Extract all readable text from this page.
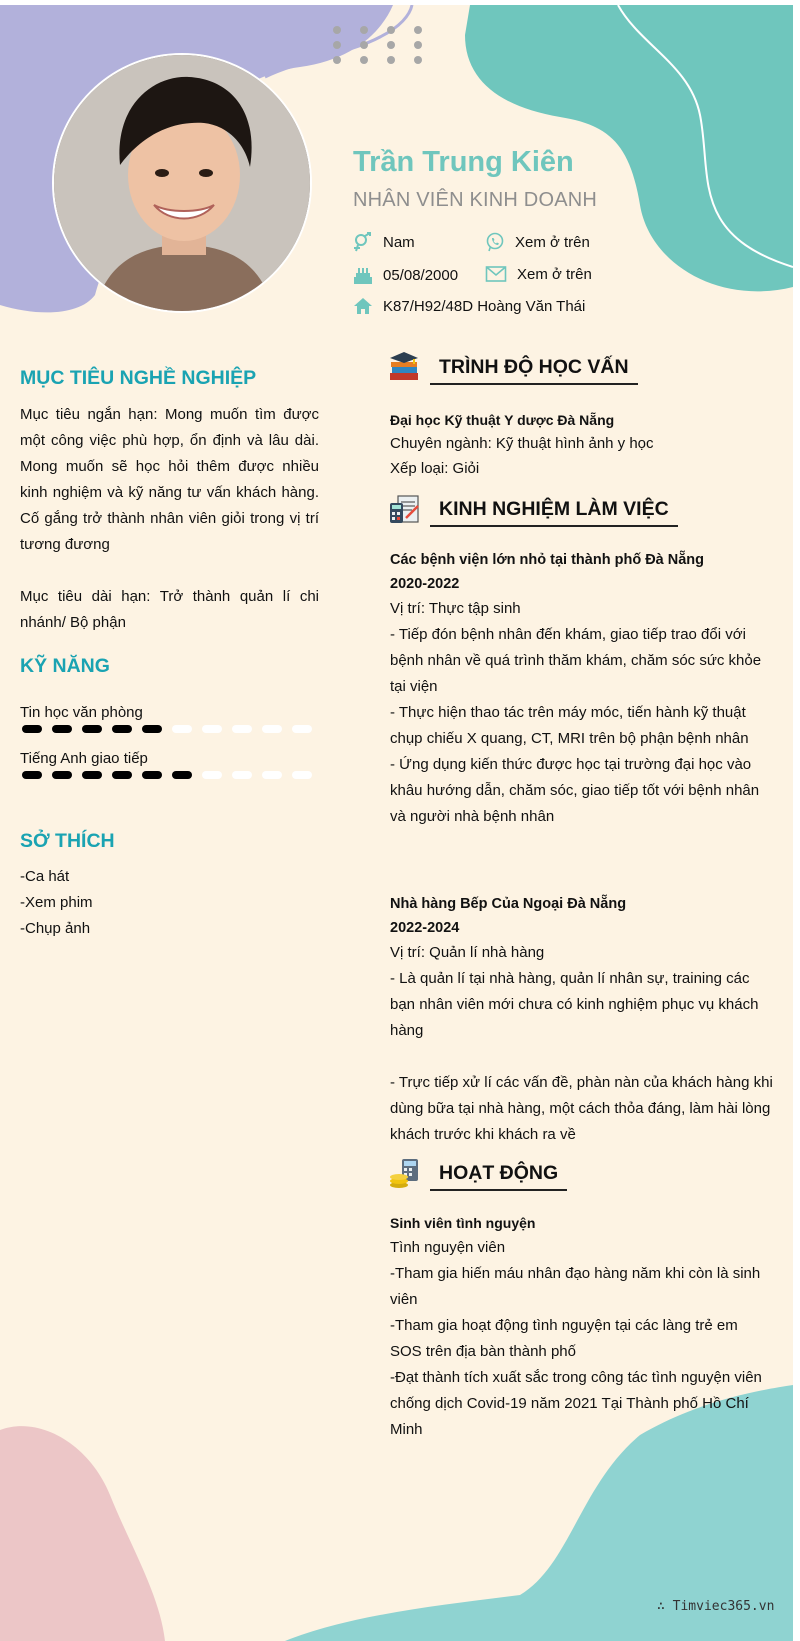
Trần Trung Kiên
NHÂN VIÊN KINH DOANH
Nam	Xem ở trên
05/08/2000	Xem ở trên
K87/H92/48D Hoàng Văn Thái
MỤC TIÊU NGHỀ NGHIỆP
Mục tiêu ngắn hạn: Mong muốn tìm được một công việc phù hợp, ổn định và lâu dài. Mong muốn sẽ học hỏi thêm được nhiều kinh nghiệm và kỹ năng tư vấn khách hàng. Cố gắng trở thành nhân viên giỏi trong vị trí tương đương
Mục tiêu dài hạn: Trở thành quản lí chi nhánh/ Bộ phận
KỸ NĂNG
Tin học văn phòng
Tiếng Anh giao tiếp
SỞ THÍCH
-Ca hát
-Xem phim
-Chụp ảnh
TRÌNH ĐỘ HỌC VẤN
Đại học Kỹ thuật Y dược Đà Nẵng
Chuyên ngành: Kỹ thuật hình ảnh y học
Xếp loại: Giỏi
KINH NGHIỆM LÀM VIỆC
Các bệnh viện lớn nhỏ tại thành phố Đà Nẵng
2020-2022
Vị trí: Thực tập sinh
- Tiếp đón bệnh nhân đến khám, giao tiếp trao đổi với
bệnh nhân về quá trình thăm khám, chăm sóc sức khỏe
tại viện
- Thực hiện thao tác trên máy móc, tiến hành kỹ thuật
chụp chiếu X quang, CT, MRI trên bộ phận bệnh nhân
- Ứng dụng kiến thức được học tại trường đại học vào
khâu hướng dẫn, chăm sóc, giao tiếp tốt với bệnh nhân
và người nhà bệnh nhân
Nhà hàng Bếp Của Ngoại Đà Nẵng
2022-2024
Vị trí: Quản lí nhà hàng
- Là quản lí tại nhà hàng, quản lí nhân sự, training các
bạn nhân viên mới chưa có kinh nghiệm phục vụ khách
hàng
- Trực tiếp xử lí các vấn đề, phàn nàn của khách hàng khi
dùng bữa tại nhà hàng, một cách thỏa đáng, làm hài lòng
khách trước khi khách ra về
HOẠT ĐỘNG
Sinh viên tình nguyện
Tình nguyện viên
-Tham gia hiến máu nhân đạo hàng năm khi còn là sinh
viên
-Tham gia hoạt động tình nguyện tại các làng trẻ em
SOS trên địa bàn thành phố
-Đạt thành tích xuất sắc trong công tác tình nguyện viên
chống dịch Covid-19 năm 2021 Tại Thành phố Hồ Chí
Minh
∴ Timviec365.vn
